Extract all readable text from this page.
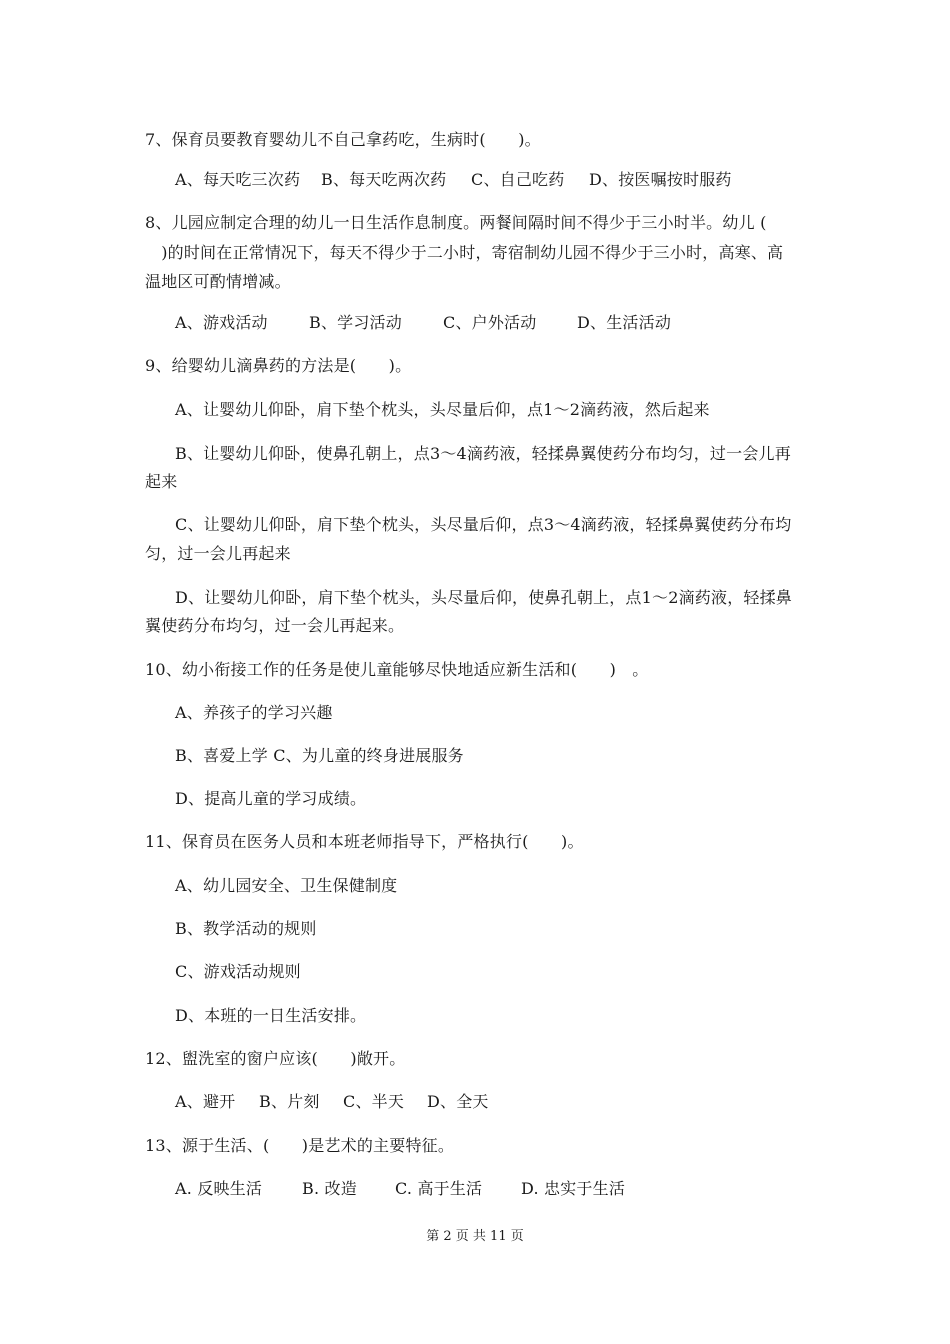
7、保育员要教育婴幼儿不自己拿药吃，生病时(　　)。
A、每天吃三次药 B、每天吃两次药 C、自己吃药 D、按医嘱按时服药
8、儿园应制定合理的幼儿一日生活作息制度。两餐间隔时间不得少于三小时半。幼儿 (
　)的时间在正常情况下，每天不得少于二小时，寄宿制幼儿园不得少于三小时，高寒、高
温地区可酌情增减。
A、游戏活动	B、学习活动	C、户外活动	D、生活活动
9、给婴幼儿滴鼻药的方法是(　　)。
A、让婴幼儿仰卧，肩下垫个枕头，头尽量后仰，点1～2滴药液，然后起来
B、让婴幼儿仰卧，使鼻孔朝上，点3～4滴药液，轻揉鼻翼使药分布均匀，过一会儿再
起来
C、让婴幼儿仰卧，肩下垫个枕头，头尽量后仰，点3～4滴药液，轻揉鼻翼使药分布均
匀，过一会儿再起来
D、让婴幼儿仰卧，肩下垫个枕头，头尽量后仰，使鼻孔朝上，点1～2滴药液，轻揉鼻
翼使药分布均匀，过一会儿再起来。
10、幼小衔接工作的任务是使儿童能够尽快地适应新生活和(　　)　。
A、养孩子的学习兴趣
B、喜爱上学 C、为儿童的终身进展服务
D、提高儿童的学习成绩。
11、保育员在医务人员和本班老师指导下，严格执行(　　)。
A、幼儿园安全、卫生保健制度
B、教学活动的规则
C、游戏活动规则
D、本班的一日生活安排。
12、盥洗室的窗户应该(　　)敞开。
A、避开 B、片刻 C、半天 D、全天
13、源于生活、(　　)是艺术的主要特征。
A. 反映生活 B. 改造 C. 高于生活 D. 忠实于生活
第 2 页 共 11 页
